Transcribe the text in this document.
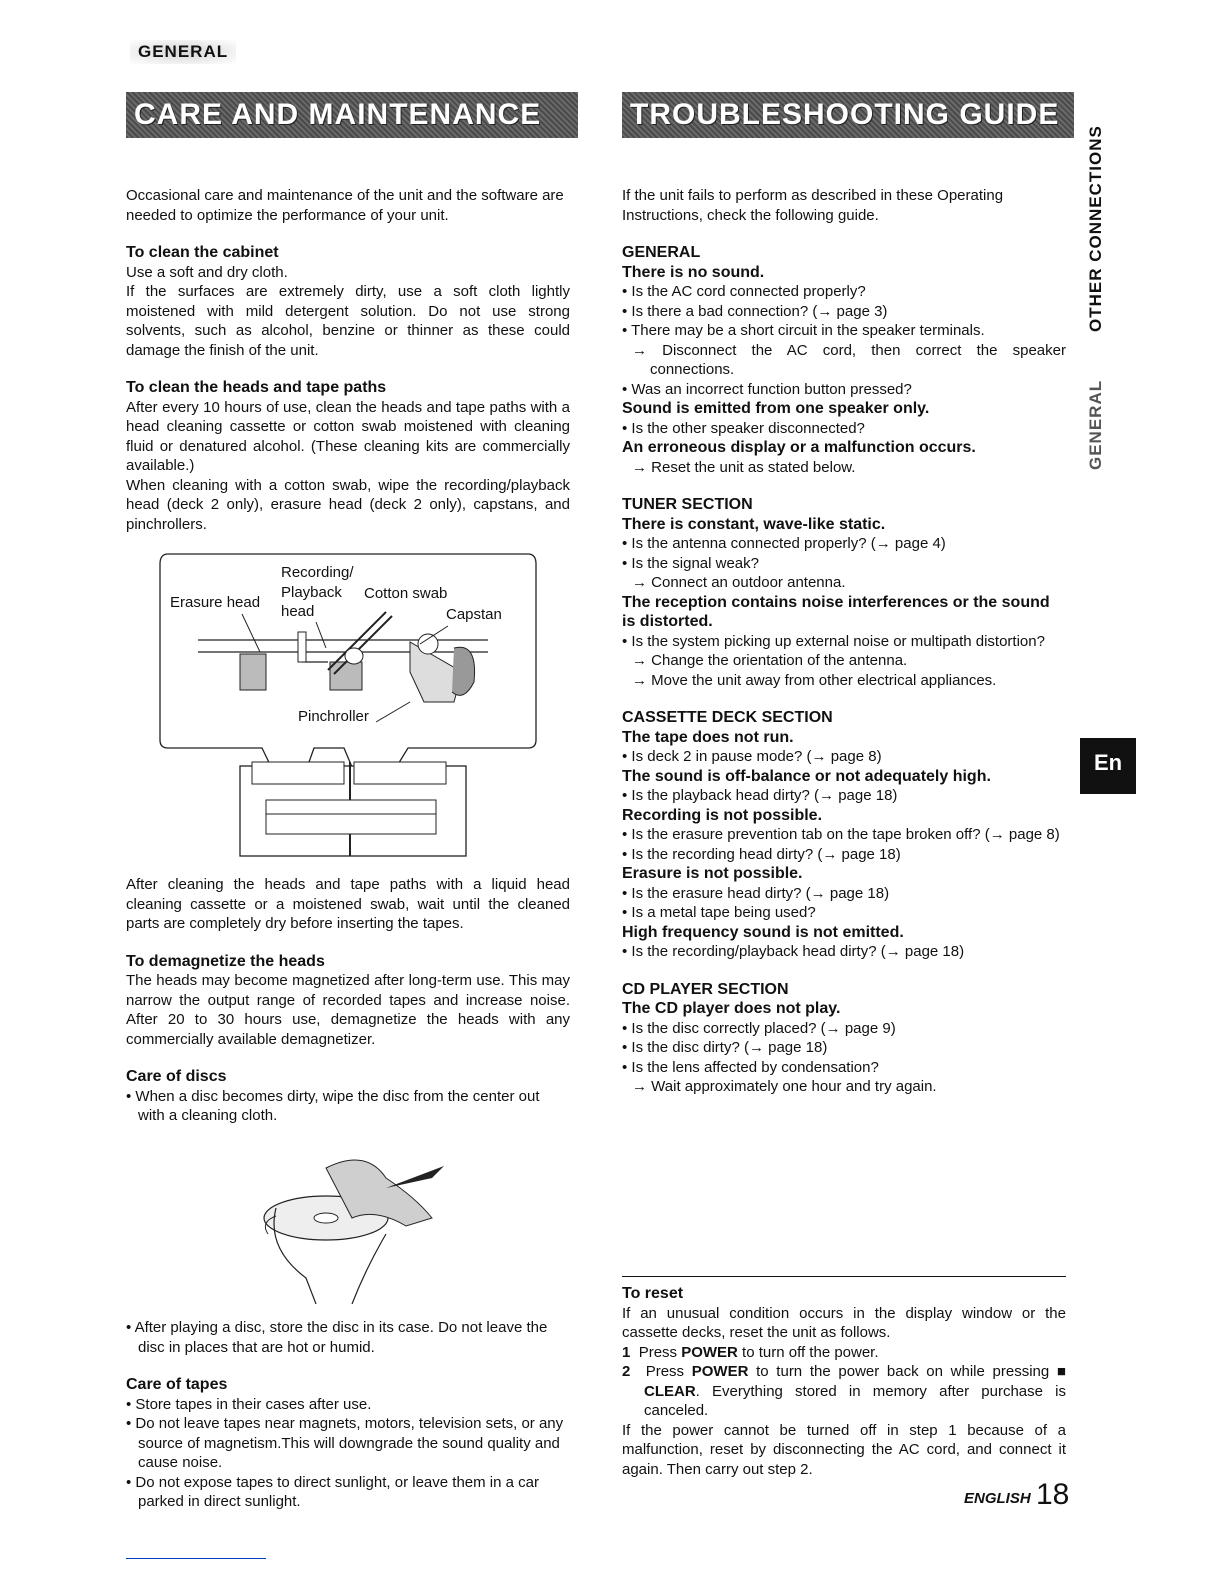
GENERAL
CARE AND MAINTENANCE	TROUBLESHOOTING GUIDE
OTHER CONNECTIONS
GENERAL
En

Occasional care and maintenance of the unit and the software are needed to optimize the performance of your unit.

To clean the cabinet

Use a soft and dry cloth.

If the surfaces are extremely dirty, use a soft cloth lightly moistened with mild detergent solution. Do not use strong solvents, such as alcohol, benzine or thinner as these could damage the finish of the unit.

To clean the heads and tape paths

After every 10 hours of use, clean the heads and tape paths with a head cleaning cassette or cotton swab moistened with cleaning fluid or denatured alcohol. (These cleaning kits are commercially available.)

When cleaning with a cotton swab, wipe the recording/playback head (deck 2 only), erasure head (deck 2 only), capstans, and pinchrollers.

Recording/
Playback
head
Cotton swab
Erasure head
Capstan
Pinchroller

After cleaning the heads and tape paths with a liquid head cleaning cassette or a moistened swab, wait until the cleaned parts are completely dry before inserting the tapes.

To demagnetize the heads

The heads may become magnetized after long-term use. This may narrow the output range of recorded tapes and increase noise. After 20 to 30 hours use, demagnetize the heads with any commercially available demagnetizer.

Care of discs

• When a disc becomes dirty, wipe the disc from the center out with a cleaning cloth.

• After playing a disc, store the disc in its case. Do not leave the disc in places that are hot or humid.

Care of tapes

• Store tapes in their cases after use.

• Do not leave tapes near magnets, motors, television sets, or any source of magnetism.This will downgrade the sound quality and cause noise.

• Do not expose tapes to direct sunlight, or leave them in a car parked in direct sunlight.

If the unit fails to perform as described in these Operating Instructions, check the following guide.

GENERAL

There is no sound.

• Is the AC cord connected properly?

• Is there a bad connection? (→ page 3)

• There may be a short circuit in the speaker terminals.

→ Disconnect the AC cord, then correct the speaker connections.

• Was an incorrect function button pressed?

Sound is emitted from one speaker only.

• Is the other speaker disconnected?

An erroneous display or a malfunction occurs.

→ Reset the unit as stated below.

TUNER SECTION

There is constant, wave-like static.

• Is the antenna connected properly? (→ page 4)

• Is the signal weak?

→ Connect an outdoor antenna.

The reception contains noise interferences or the sound is distorted.

• Is the system picking up external noise or multipath distortion?

→ Change the orientation of the antenna.

→ Move the unit away from other electrical appliances.

CASSETTE DECK SECTION

The tape does not run.

• Is deck 2 in pause mode? (→ page 8)

The sound is off-balance or not adequately high.

• Is the playback head dirty? (→ page 18)

Recording is not possible.

• Is the erasure prevention tab on the tape broken off? (→ page 8)

• Is the recording head dirty? (→ page 18)

Erasure is not possible.

• Is the erasure head dirty? (→ page 18)

• Is a metal tape being used?

High frequency sound is not emitted.

• Is the recording/playback head dirty? (→ page 18)

CD PLAYER SECTION

The CD player does not play.

• Is the disc correctly placed? (→ page 9)

• Is the disc dirty? (→ page 18)

• Is the lens affected by condensation?

→ Wait approximately one hour and try again.

To reset

If an unusual condition occurs in the display window or the cassette decks, reset the unit as follows.

1 Press POWER to turn off the power.

2 Press POWER to turn the power back on while pressing ■ CLEAR. Everything stored in memory after purchase is canceled.

If the power cannot be turned off in step 1 because of a malfunction, reset by disconnecting the AC cord, and connect it again. Then carry out step 2.

ENGLISH 18
